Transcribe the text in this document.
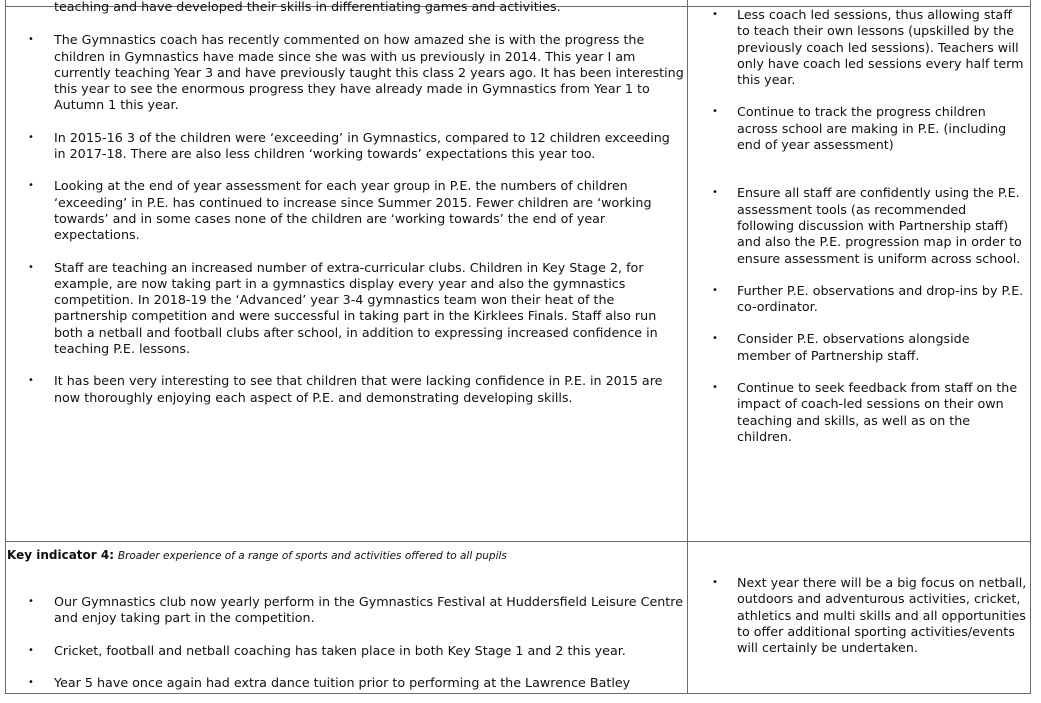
teaching and have developed their skills in differentiating games and activities.
• The Gymnastics coach has recently commented on how amazed she is with the progress the children in Gymnastics have made since she was with us previously in 2014. This year I am currently teaching Year 3 and have previously taught this class 2 years ago. It has been interesting this year to see the enormous progress they have already made in Gymnastics from Year 1 to Autumn 1 this year.
• In 2015-16 3 of the children were ‘exceeding’ in Gymnastics, compared to 12 children exceeding in 2017-18. There are also less children ‘working towards’ expectations this year too.
• Looking at the end of year assessment for each year group in P.E. the numbers of children ‘exceeding’ in P.E. has continued to increase since Summer 2015. Fewer children are ‘working towards’ and in some cases none of the children are ‘working towards’ the end of year expectations.
• Staff are teaching an increased number of extra-curricular clubs. Children in Key Stage 2, for example, are now taking part in a gymnastics display every year and also the gymnastics competition. In 2018-19 the ‘Advanced’ year 3-4 gymnastics team won their heat of the partnership competition and were successful in taking part in the Kirklees Finals. Staff also run both a netball and football clubs after school, in addition to expressing increased confidence in teaching P.E. lessons.
• It has been very interesting to see that children that were lacking confidence in P.E. in 2015 are now thoroughly enjoying each aspect of P.E. and demonstrating developing skills.
• Less coach led sessions, thus allowing staff to teach their own lessons (upskilled by the previously coach led sessions). Teachers will only have coach led sessions every half term this year.
• Continue to track the progress children across school are making in P.E. (including end of year assessment)
• Ensure all staff are confidently using the P.E. assessment tools (as recommended following discussion with Partnership staff) and also the P.E. progression map in order to ensure assessment is uniform across school.
• Further P.E. observations and drop-ins by P.E. co-ordinator.
• Consider P.E. observations alongside member of Partnership staff.
• Continue to seek feedback from staff on the impact of coach-led sessions on their own teaching and skills, as well as on the children.
Key indicator 4: Broader experience of a range of sports and activities offered to all pupils
• Our Gymnastics club now yearly perform in the Gymnastics Festival at Huddersfield Leisure Centre and enjoy taking part in the competition.
• Cricket, football and netball coaching has taken place in both Key Stage 1 and 2 this year.
• Year 5 have once again had extra dance tuition prior to performing at the Lawrence Batley
• Next year there will be a big focus on netball, outdoors and adventurous activities, cricket, athletics and multi skills and all opportunities to offer additional sporting activities/events will certainly be undertaken.
